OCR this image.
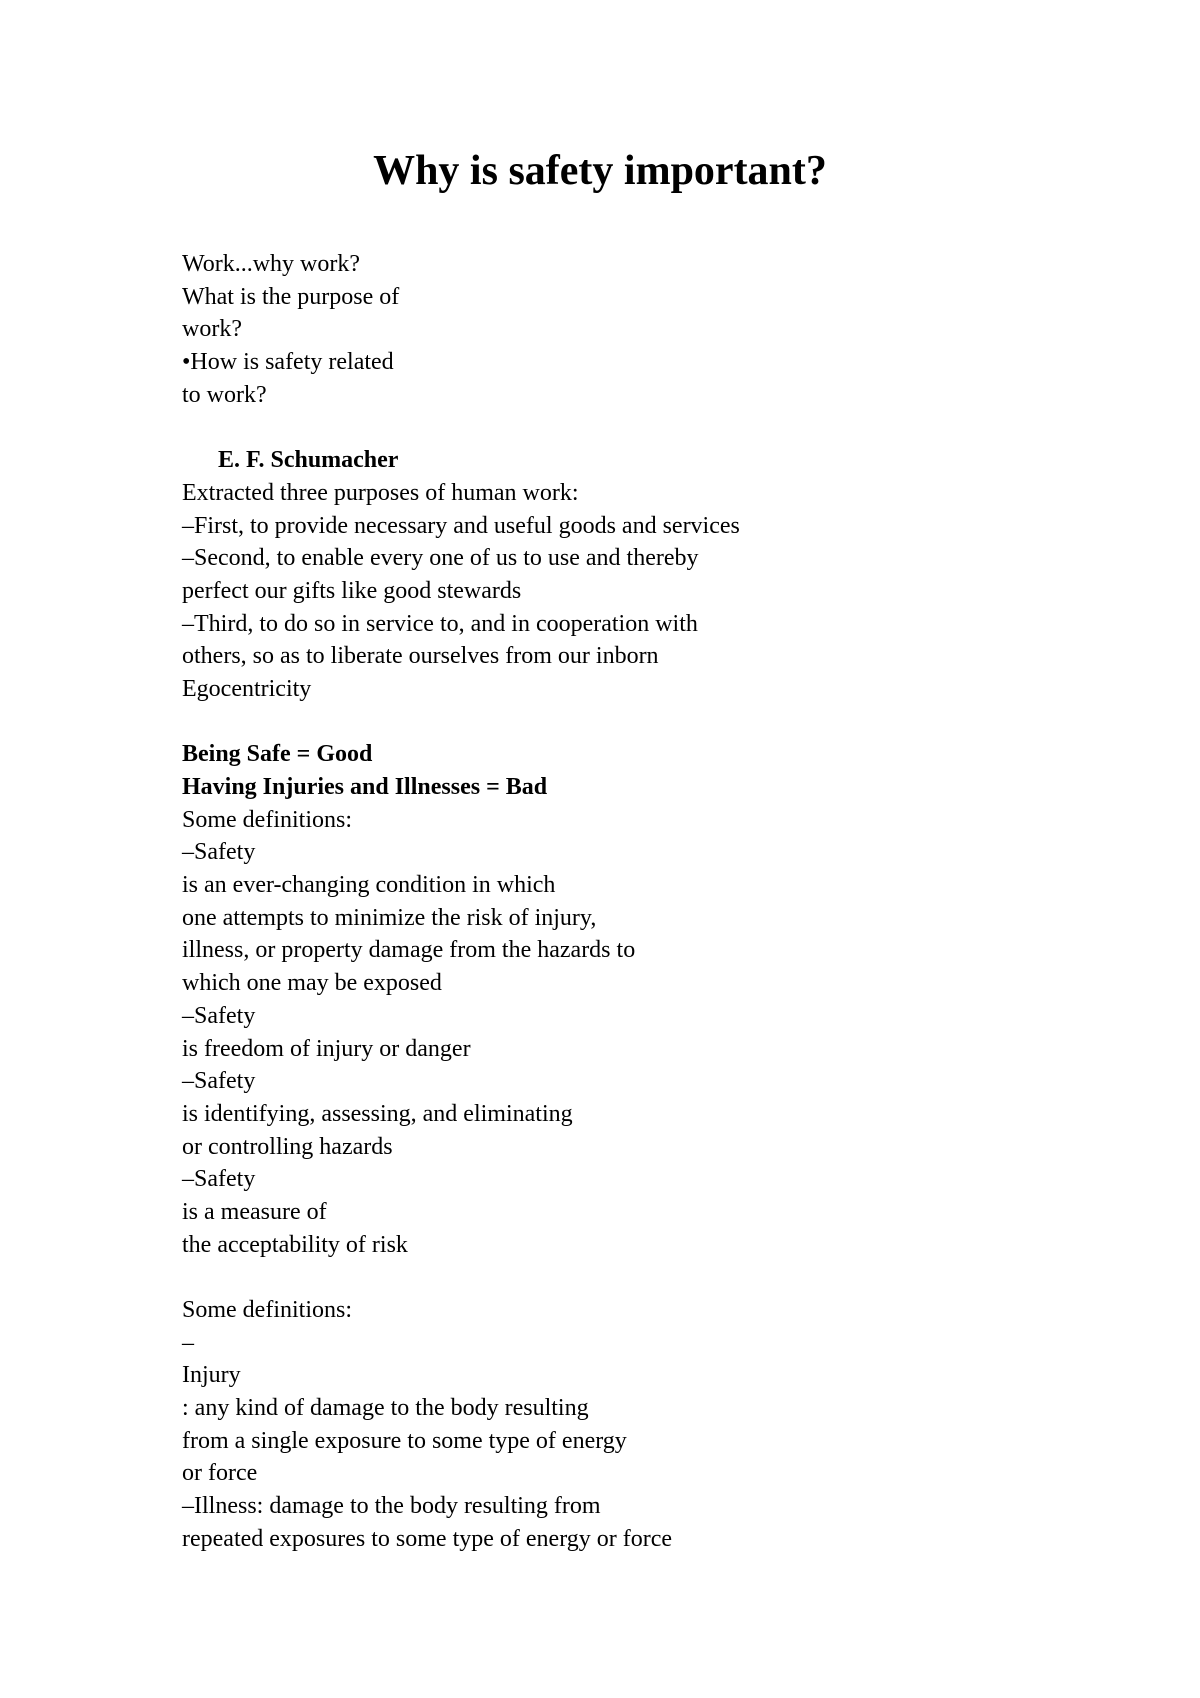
Why is safety important?
Work...why work?
What is the purpose of
work?
•How is safety related
to work?
E. F. Schumacher
Extracted three purposes of human work:
–First, to provide necessary and useful goods and services
–Second, to enable every one of us to use and thereby
perfect our gifts like good stewards
–Third, to do so in service to, and in cooperation with
others, so as to liberate ourselves from our inborn
Egocentricity
Being Safe = Good
Having Injuries and Illnesses = Bad
Some definitions:
–Safety
is an ever-changing condition in which
one attempts to minimize the risk of injury,
illness, or property damage from the hazards to
which one may be exposed
–Safety
is freedom of injury or danger
–Safety
is identifying, assessing, and eliminating
or controlling hazards
–Safety
is a measure of
the acceptability of risk
Some definitions:
–
Injury
: any kind of damage to the body resulting
from a single exposure to some type of energy
or force
–Illness: damage to the body resulting from
repeated exposures to some type of energy or force
